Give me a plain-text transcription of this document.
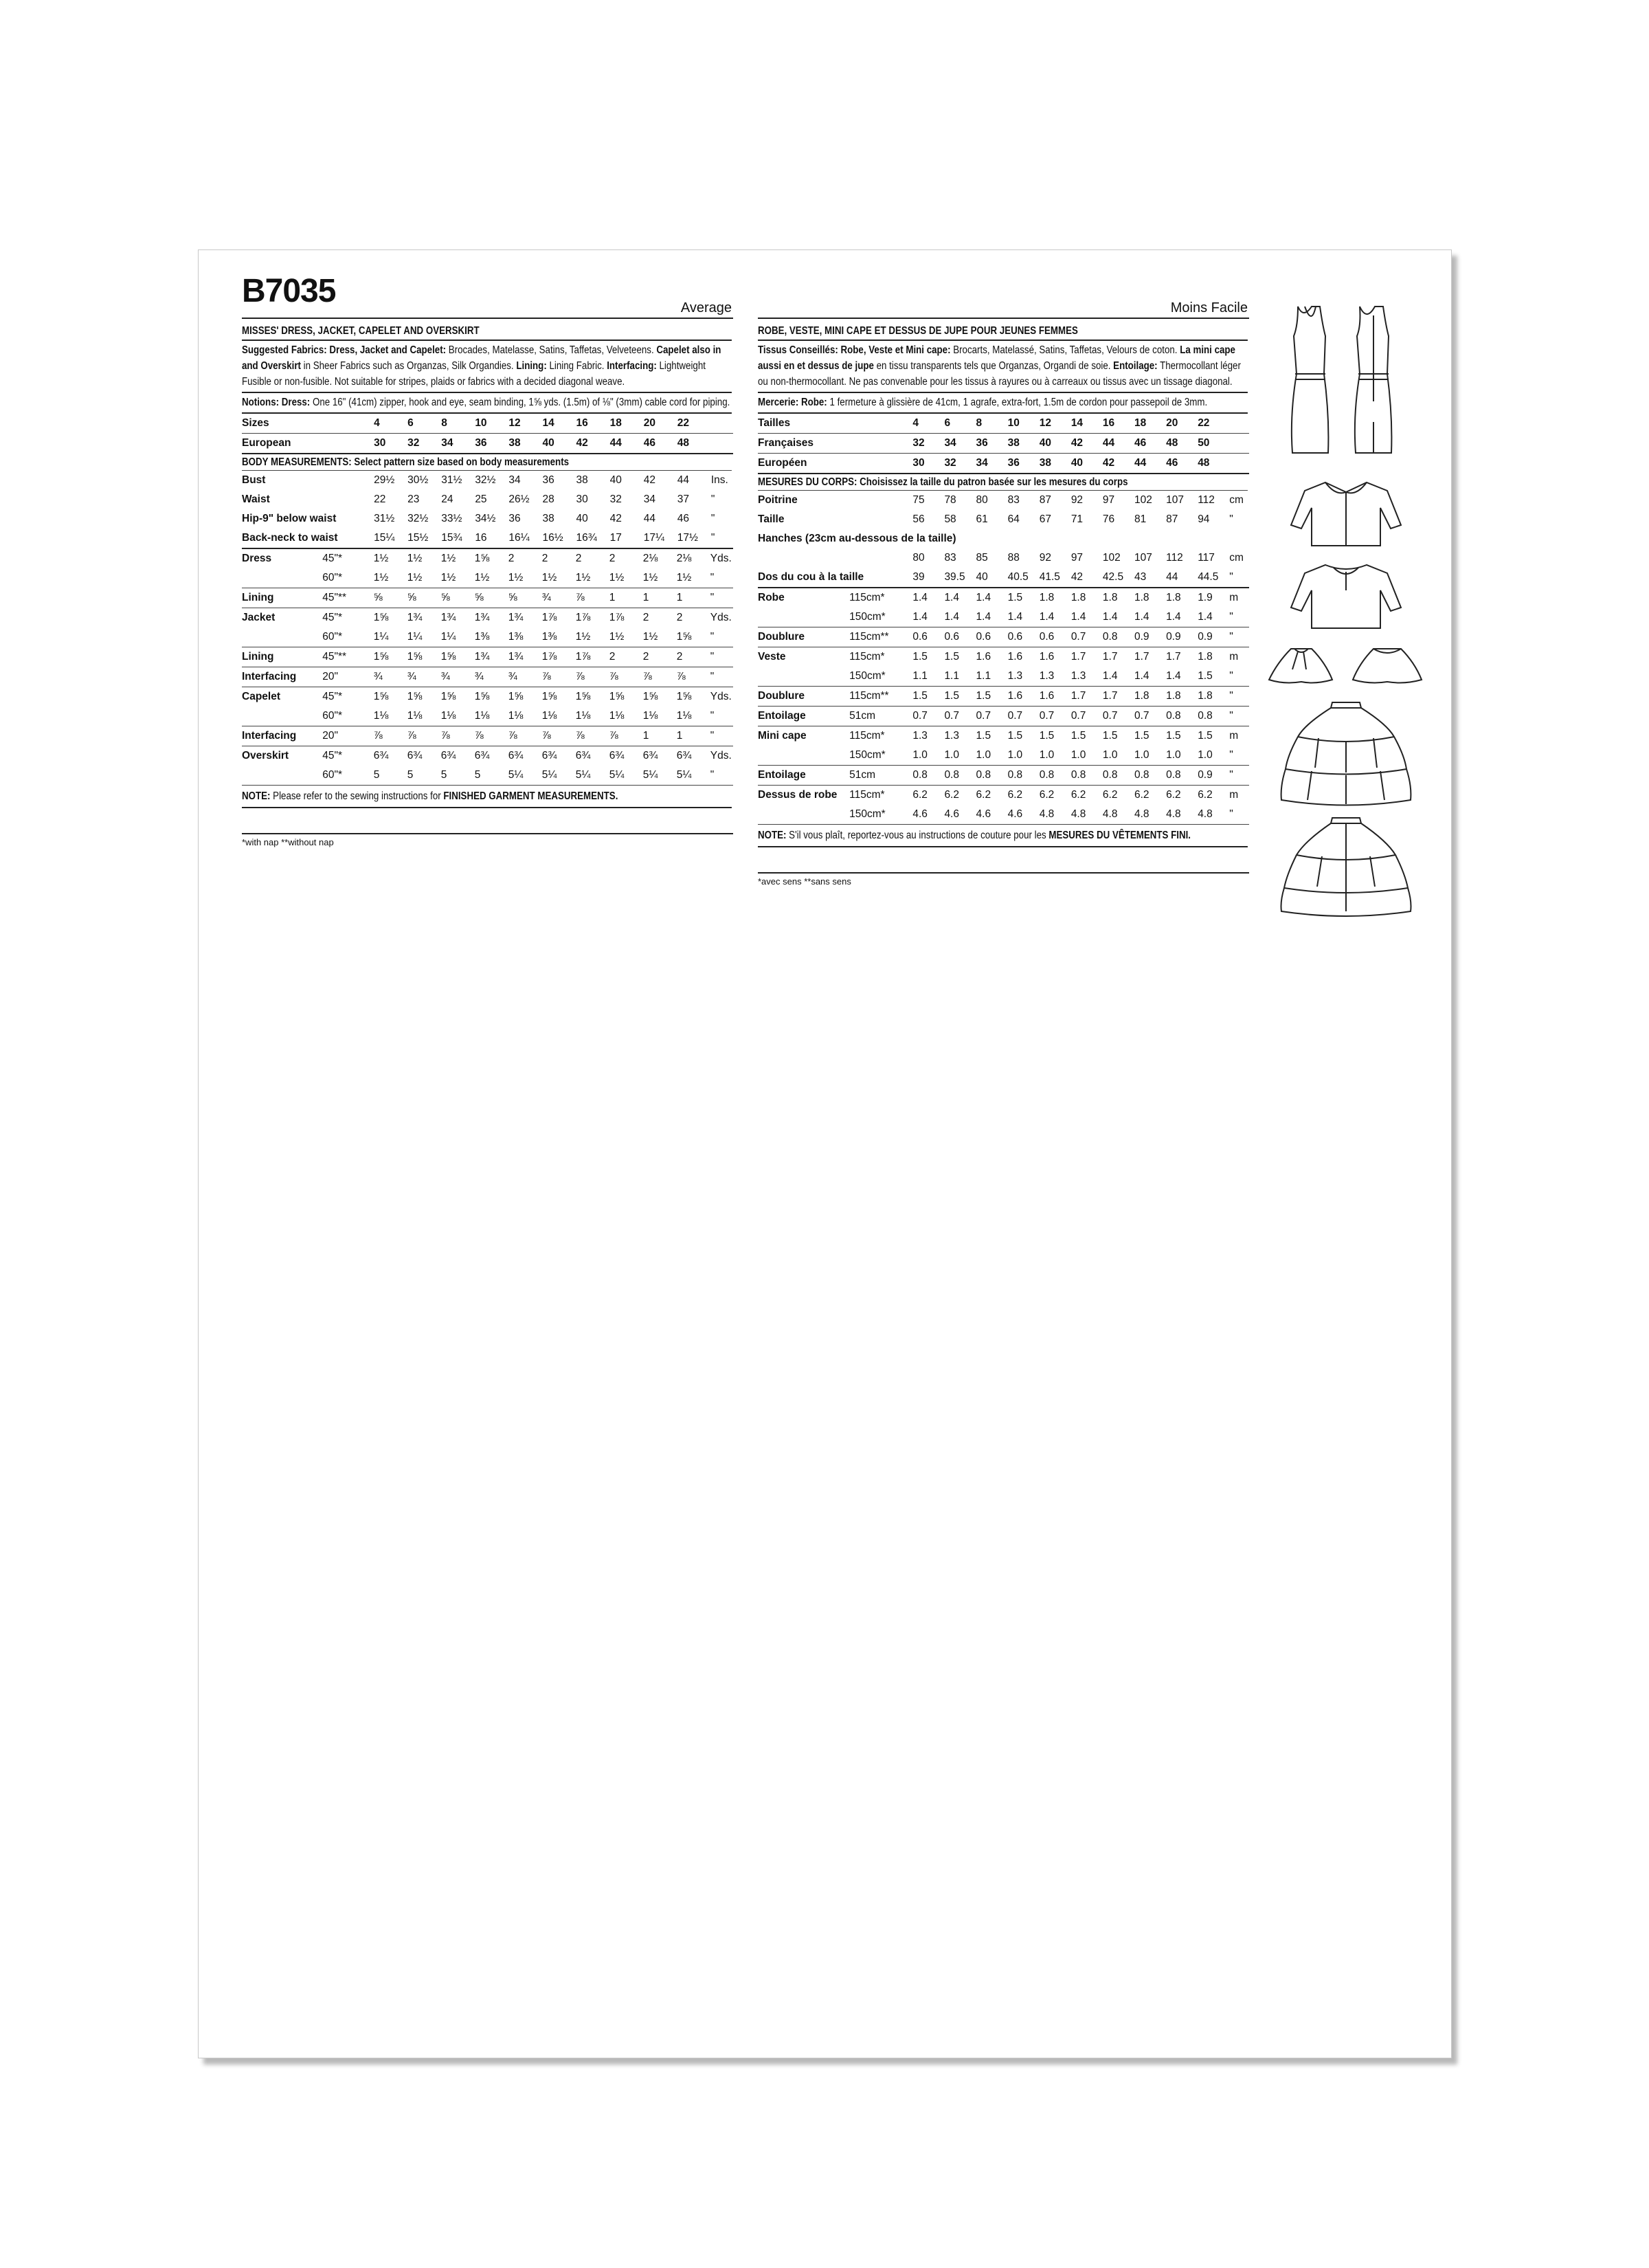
B7035	Average
MISSES' DRESS, JACKET, CAPELET AND OVERSKIRT
Suggested Fabrics: Dress, Jacket and Capelet: Brocades, Matelasse, Satins, Taffetas, Velveteens. Capelet also in and Overskirt in Sheer Fabrics such as Organzas, Silk Organdies. Lining: Lining Fabric. Interfacing: Lightweight Fusible or non-fusible. Not suitable for stripes, plaids or fabrics with a decided diagonal weave.
Notions: Dress: One 16" (41cm) zipper, hook and eye, seam binding, 1⅝ yds. (1.5m) of ⅛" (3mm) cable cord for piping.
Sizes	4	6	8	10	12	14	16	18	20	22	
European	30	32	34	36	38	40	42	44	46	48	
BODY MEASUREMENTS: Select pattern size based on body measurements
Bust	29½	30½	31½	32½	34	36	38	40	42	44	Ins.
Waist	22	23	24	25	26½	28	30	32	34	37	"
Hip-9" below waist	31½	32½	33½	34½	36	38	40	42	44	46	"
Back-neck to waist	15¼	15½	15¾	16	16¼	16½	16¾	17	17¼	17½	"
Dress	45"*	1½	1½	1½	1⅝	2	2	2	2	2⅛	2⅛	Yds.
	60"*	1½	1½	1½	1½	1½	1½	1½	1½	1½	1½	"
Lining	45"**	⅝	⅝	⅝	⅝	⅝	¾	⅞	1	1	1	"
Jacket	45"*	1⅝	1¾	1¾	1¾	1¾	1⅞	1⅞	1⅞	2	2	Yds.
	60"*	1¼	1¼	1¼	1⅜	1⅜	1⅜	1½	1½	1½	1⅝	"
Lining	45"**	1⅝	1⅝	1⅝	1¾	1¾	1⅞	1⅞	2	2	2	"
Interfacing	20"	¾	¾	¾	¾	¾	⅞	⅞	⅞	⅞	⅞	"
Capelet	45"*	1⅝	1⅝	1⅝	1⅝	1⅝	1⅝	1⅝	1⅝	1⅝	1⅝	Yds.
	60"*	1⅛	1⅛	1⅛	1⅛	1⅛	1⅛	1⅛	1⅛	1⅛	1⅛	"
Interfacing	20"	⅞	⅞	⅞	⅞	⅞	⅞	⅞	⅞	1	1	"
Overskirt	45"*	6¾	6¾	6¾	6¾	6¾	6¾	6¾	6¾	6¾	6¾	Yds.
	60"*	5	5	5	5	5¼	5¼	5¼	5¼	5¼	5¼	"
NOTE: Please refer to the sewing instructions for FINISHED GARMENT MEASUREMENTS.
*with nap **without nap
Moins Facile
ROBE, VESTE, MINI CAPE ET DESSUS DE JUPE POUR JEUNES FEMMES
Tissus Conseillés: Robe, Veste et Mini cape: Brocarts, Matelassé, Satins, Taffetas, Velours de coton. La mini cape aussi en et dessus de jupe en tissu transparents tels que Organzas, Organdi de soie. Entoilage: Thermocollant léger ou non-thermocollant. Ne pas convenable pour les tissus à rayures ou à carreaux ou tissus avec un tissage diagonal.
Mercerie: Robe: 1 fermeture à glissière de 41cm, 1 agrafe, extra-fort, 1.5m de cordon pour passepoil de 3mm.
Tailles	4	6	8	10	12	14	16	18	20	22	
Françaises	32	34	36	38	40	42	44	46	48	50	
Européen	30	32	34	36	38	40	42	44	46	48	
MESURES DU CORPS: Choisissez la taille du patron basée sur les mesures du corps
Poitrine	75	78	80	83	87	92	97	102	107	112	cm
Taille	56	58	61	64	67	71	76	81	87	94	"
Hanches (23cm au-dessous de la taille)											
	80	83	85	88	92	97	102	107	112	117	cm
Dos du cou à la taille	39	39.5	40	40.5	41.5	42	42.5	43	44	44.5	"
Robe	115cm*	1.4	1.4	1.4	1.5	1.8	1.8	1.8	1.8	1.8	1.9	m
	150cm*	1.4	1.4	1.4	1.4	1.4	1.4	1.4	1.4	1.4	1.4	"
Doublure	115cm**	0.6	0.6	0.6	0.6	0.6	0.7	0.8	0.9	0.9	0.9	"
Veste	115cm*	1.5	1.5	1.6	1.6	1.6	1.7	1.7	1.7	1.7	1.8	m
	150cm*	1.1	1.1	1.1	1.3	1.3	1.3	1.4	1.4	1.4	1.5	"
Doublure	115cm**	1.5	1.5	1.5	1.6	1.6	1.7	1.7	1.8	1.8	1.8	"
Entoilage	51cm	0.7	0.7	0.7	0.7	0.7	0.7	0.7	0.7	0.8	0.8	"
Mini cape	115cm*	1.3	1.3	1.5	1.5	1.5	1.5	1.5	1.5	1.5	1.5	m
	150cm*	1.0	1.0	1.0	1.0	1.0	1.0	1.0	1.0	1.0	1.0	"
Entoilage	51cm	0.8	0.8	0.8	0.8	0.8	0.8	0.8	0.8	0.8	0.9	"
Dessus de robe	115cm*	6.2	6.2	6.2	6.2	6.2	6.2	6.2	6.2	6.2	6.2	m
	150cm*	4.6	4.6	4.6	4.6	4.8	4.8	4.8	4.8	4.8	4.8	"
NOTE: S'il vous plaît, reportez-vous au instructions de couture pour les MESURES DU VÊTEMENTS FINI.
*avec sens **sans sens
